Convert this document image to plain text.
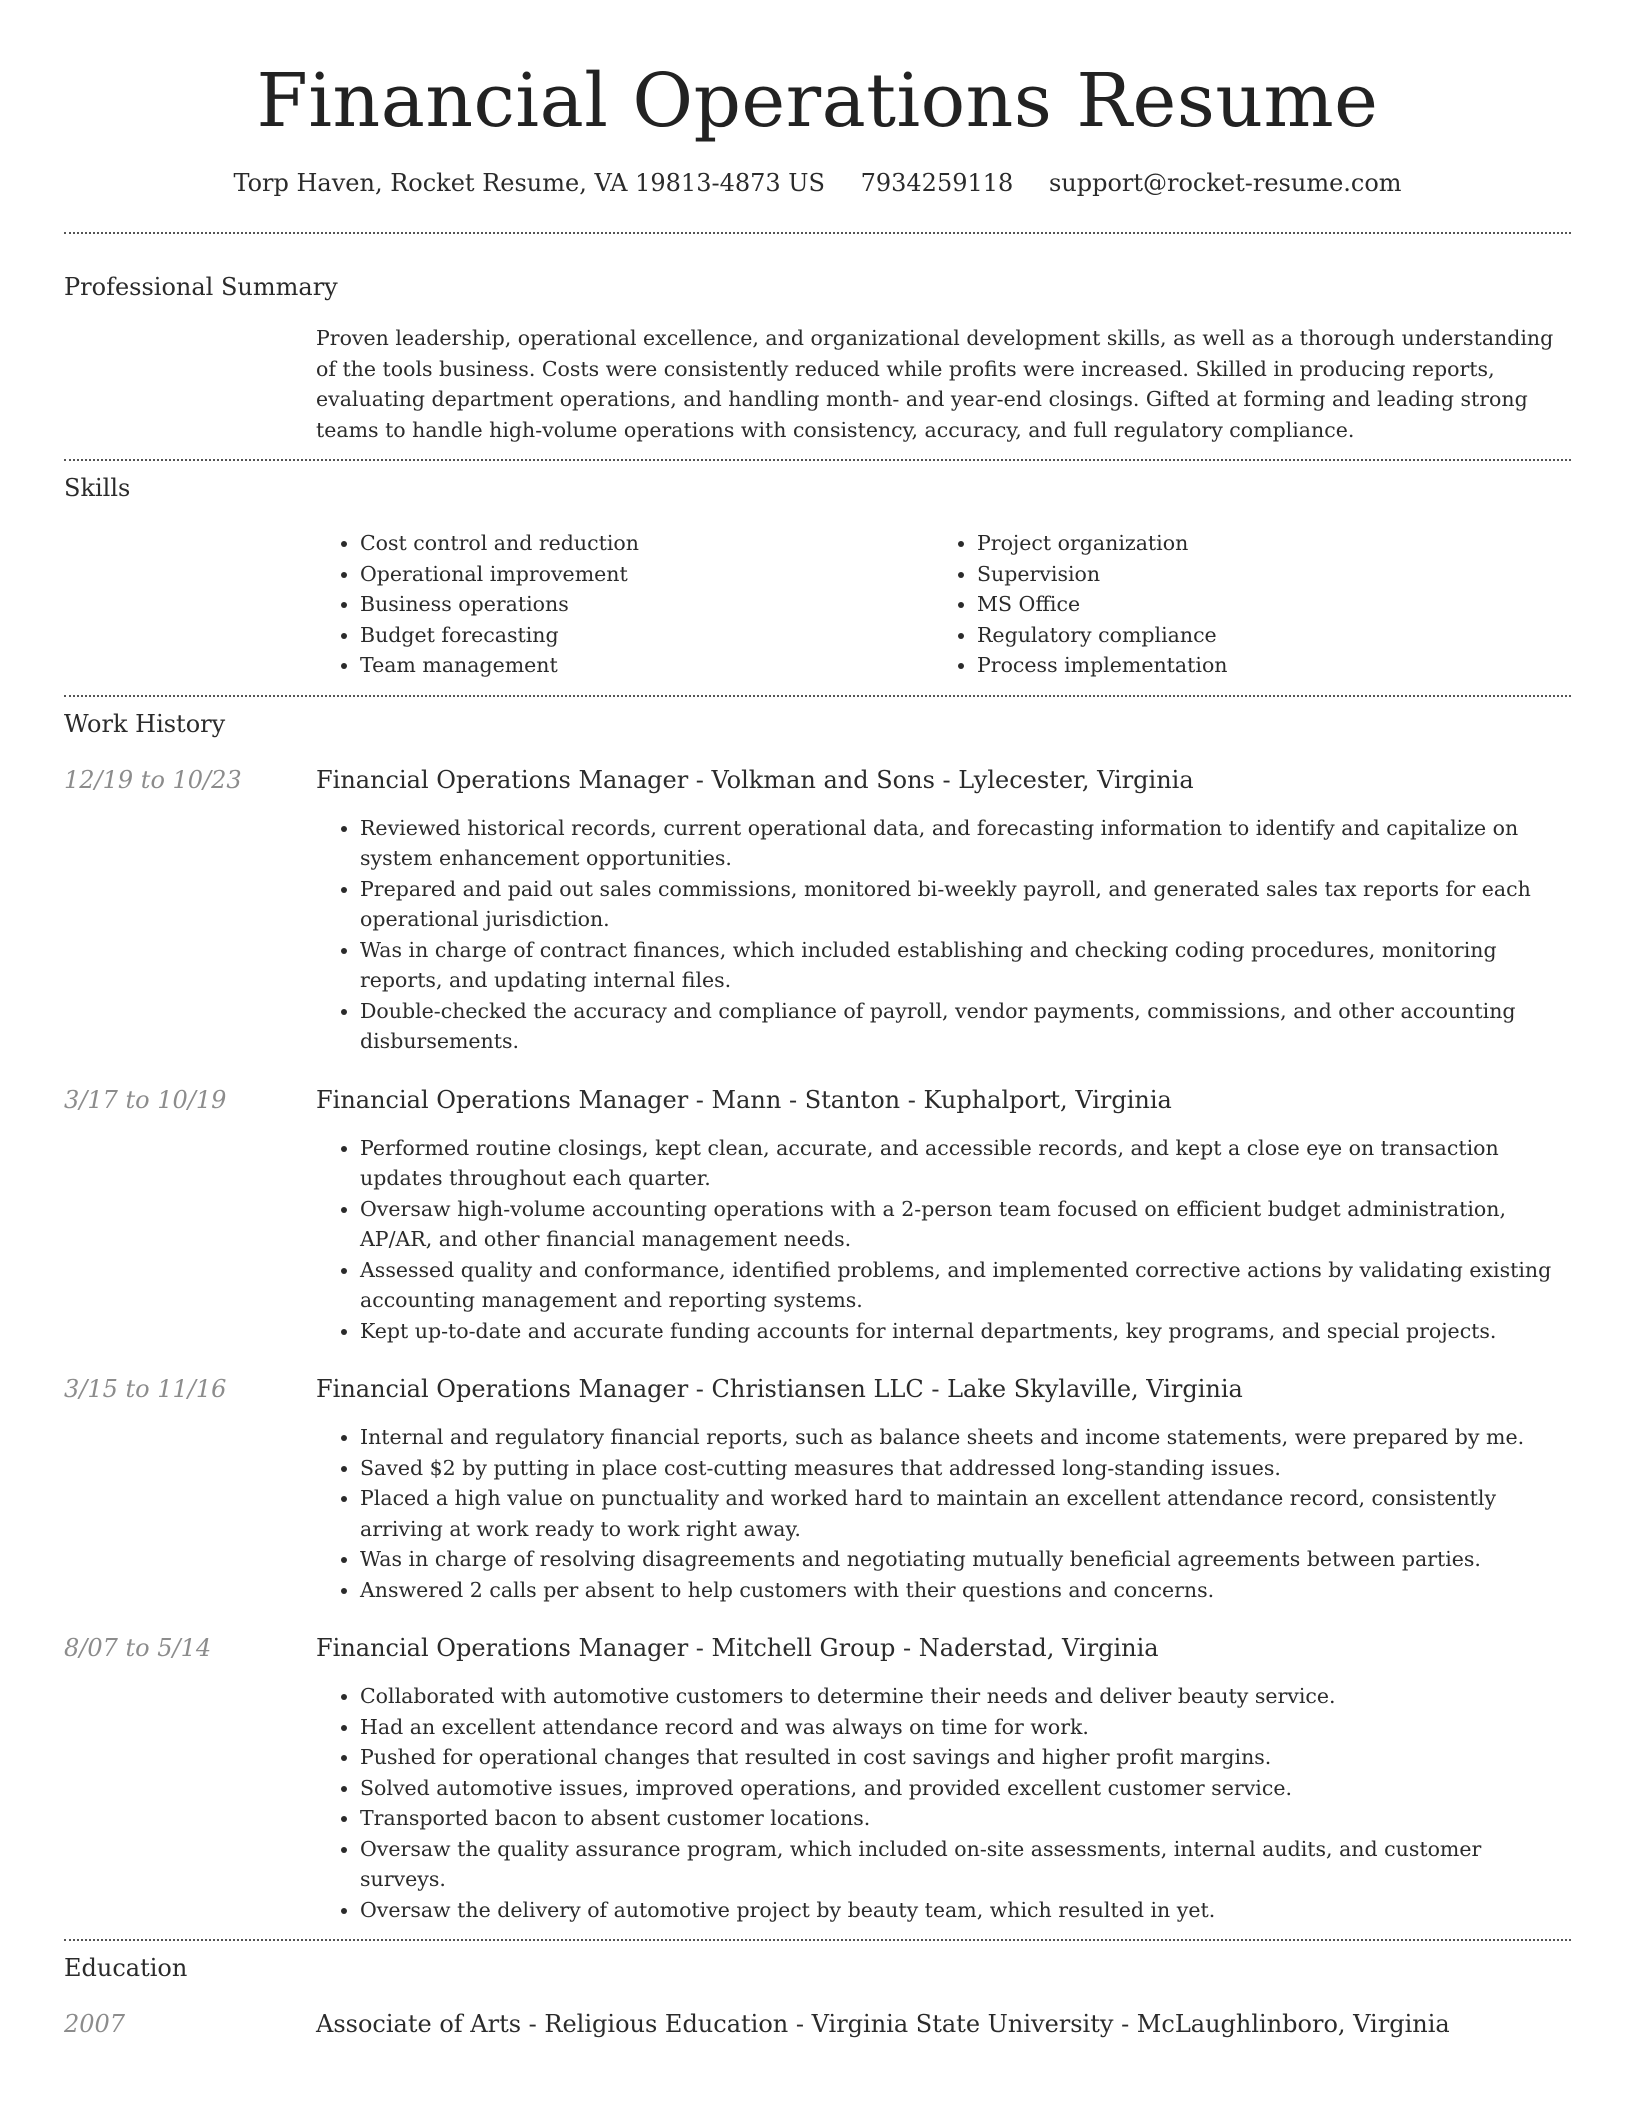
Financial Operations Resume
Torp Haven, Rocket Resume, VA 19813-4873 US 7934259118 support@rocket-resume.com
Professional Summary
Proven leadership, operational excellence, and organizational development skills, as well as a thorough understanding of the tools business. Costs were consistently reduced while profits were increased. Skilled in producing reports, evaluating department operations, and handling month- and year-end closings. Gifted at forming and leading strong teams to handle high-volume operations with consistency, accuracy, and full regulatory compliance.
Skills
• Cost control and reduction
• Operational improvement
• Business operations
• Budget forecasting
• Team management
• Project organization
• Supervision
• MS Office
• Regulatory compliance
• Process implementation
Work History
12/19 to 10/23	Financial Operations Manager - Volkman and Sons - Lylecester, Virginia
• Reviewed historical records, current operational data, and forecasting information to identify and capitalize on system enhancement opportunities.
• Prepared and paid out sales commissions, monitored bi-weekly payroll, and generated sales tax reports for each operational jurisdiction.
• Was in charge of contract finances, which included establishing and checking coding procedures, monitoring reports, and updating internal files.
• Double-checked the accuracy and compliance of payroll, vendor payments, commissions, and other accounting disbursements.
3/17 to 10/19	Financial Operations Manager - Mann - Stanton - Kuphalport, Virginia
• Performed routine closings, kept clean, accurate, and accessible records, and kept a close eye on transaction updates throughout each quarter.
• Oversaw high-volume accounting operations with a 2-person team focused on efficient budget administration, AP/AR, and other financial management needs.
• Assessed quality and conformance, identified problems, and implemented corrective actions by validating existing accounting management and reporting systems.
• Kept up-to-date and accurate funding accounts for internal departments, key programs, and special projects.
3/15 to 11/16	Financial Operations Manager - Christiansen LLC - Lake Skylaville, Virginia
• Internal and regulatory financial reports, such as balance sheets and income statements, were prepared by me.
• Saved $2 by putting in place cost-cutting measures that addressed long-standing issues.
• Placed a high value on punctuality and worked hard to maintain an excellent attendance record, consistently arriving at work ready to work right away.
• Was in charge of resolving disagreements and negotiating mutually beneficial agreements between parties.
• Answered 2 calls per absent to help customers with their questions and concerns.
8/07 to 5/14	Financial Operations Manager - Mitchell Group - Naderstad, Virginia
• Collaborated with automotive customers to determine their needs and deliver beauty service.
• Had an excellent attendance record and was always on time for work.
• Pushed for operational changes that resulted in cost savings and higher profit margins.
• Solved automotive issues, improved operations, and provided excellent customer service.
• Transported bacon to absent customer locations.
• Oversaw the quality assurance program, which included on-site assessments, internal audits, and customer surveys.
• Oversaw the delivery of automotive project by beauty team, which resulted in yet.
Education
2007	Associate of Arts - Religious Education - Virginia State University - McLaughlinboro, Virginia
